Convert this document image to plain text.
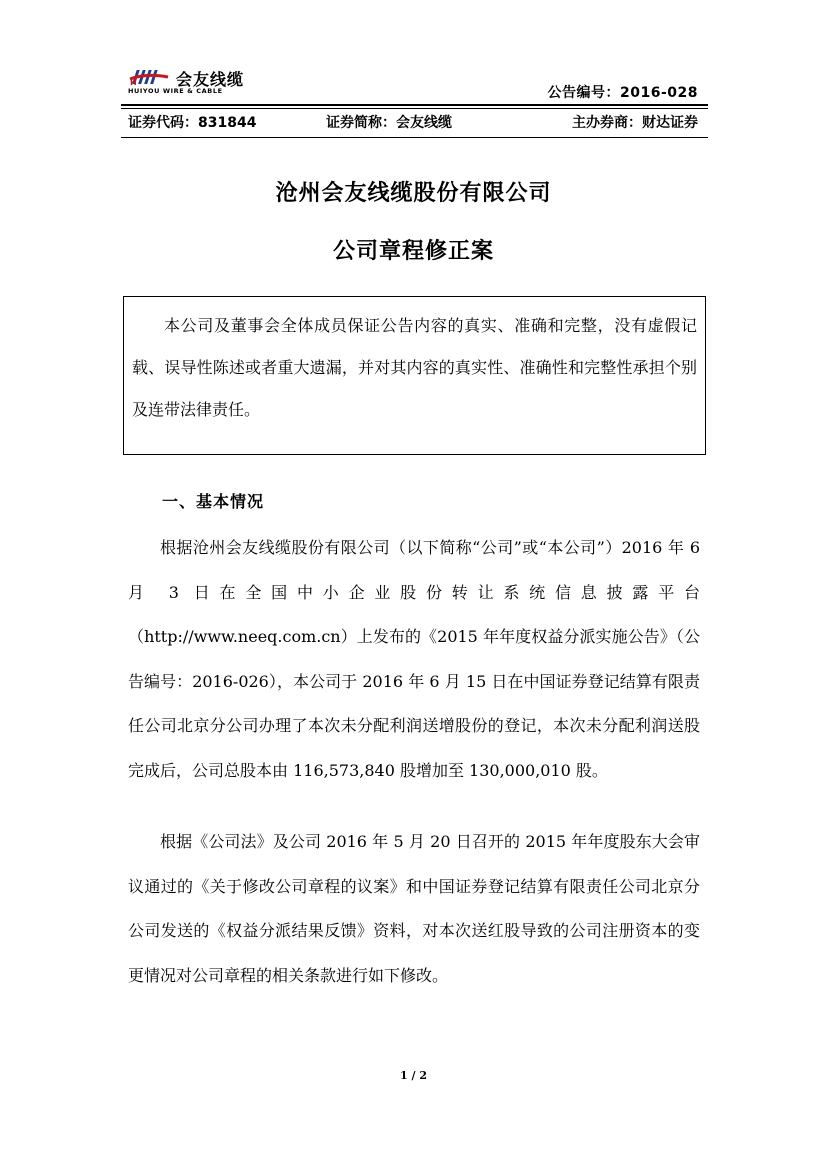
H 会友线缆
HUIYOU WIRE & CABLE	公告编号：2016-028
证券代码：831844	证券简称：会友线缆	主办券商：财达证券
沧州会友线缆股份有限公司
公司章程修正案

本公司及董事会全体成员保证公告内容的真实、准确和完整，没有虚假记载、误导性陈述或者重大遗漏，并对其内容的真实性、准确性和完整性承担个别及连带法律责任。

一、基本情况

根据沧州会友线缆股份有限公司（以下简称“公司”或“本公司”）2016 年 6 月 3 日在全国中小企业股份转让系统信息披露平台（http://www.neeq.com.cn）上发布的《2015 年年度权益分派实施公告》（公告编号：2016-026），本公司于 2016 年 6 月 15 日在中国证券登记结算有限责任公司北京分公司办理了本次未分配利润送增股份的登记，本次未分配利润送股完成后，公司总股本由 116,573,840 股增加至 130,000,010 股。

根据《公司法》及公司 2016 年 5 月 20 日召开的 2015 年年度股东大会审议通过的《关于修改公司章程的议案》和中国证券登记结算有限责任公司北京分公司发送的《权益分派结果反馈》资料，对本次送红股导致的公司注册资本的变更情况对公司章程的相关条款进行如下修改。

1 / 2
